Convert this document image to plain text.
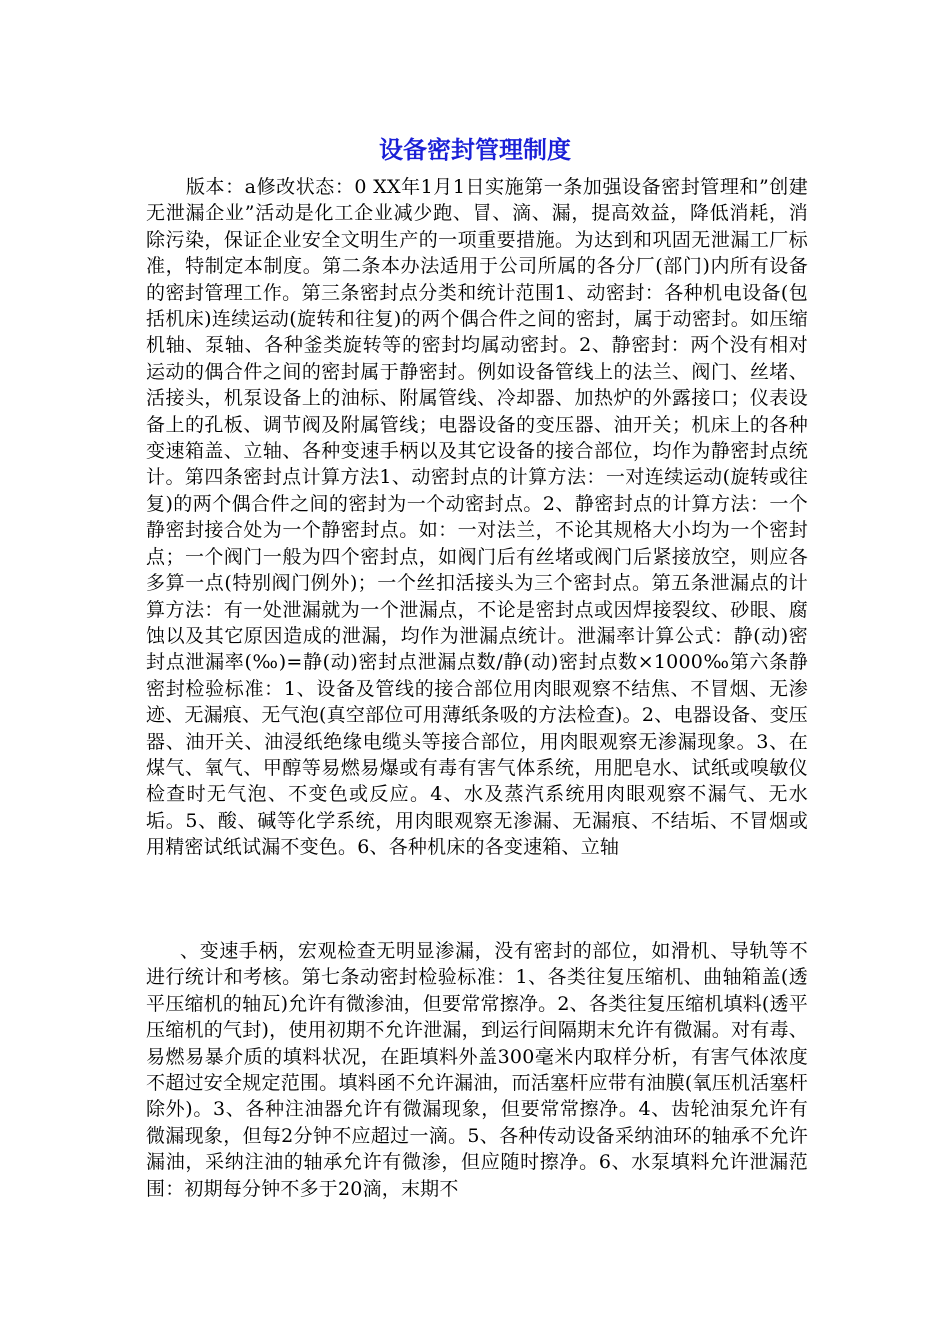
设备密封管理制度

版本：a修改状态：0 XX年1月1日实施第一条加强设备密封管理和”创建无泄漏企业”活动是化工企业减少跑、冒、滴、漏，提高效益，降低消耗，消除污染，保证企业安全文明生产的一项重要措施。为达到和巩固无泄漏工厂标准，特制定本制度。第二条本办法适用于公司所属的各分厂(部门)内所有设备的密封管理工作。第三条密封点分类和统计范围1、动密封：各种机电设备(包括机床)连续运动(旋转和往复)的两个偶合件之间的密封，属于动密封。如压缩机轴、泵轴、各种釜类旋转等的密封均属动密封。2、静密封：两个没有相对运动的偶合件之间的密封属于静密封。例如设备管线上的法兰、阀门、丝堵、活接头，机泵设备上的油标、附属管线、冷却器、加热炉的外露接口；仪表设备上的孔板、调节阀及附属管线；电器设备的变压器、油开关；机床上的各种变速箱盖、立轴、各种变速手柄以及其它设备的接合部位，均作为静密封点统计。第四条密封点计算方法1、动密封点的计算方法：一对连续运动(旋转或往复)的两个偶合件之间的密封为一个动密封点。2、静密封点的计算方法：一个静密封接合处为一个静密封点。如：一对法兰，不论其规格大小均为一个密封点；一个阀门一般为四个密封点，如阀门后有丝堵或阀门后紧接放空，则应各多算一点(特别阀门例外)；一个丝扣活接头为三个密封点。第五条泄漏点的计算方法：有一处泄漏就为一个泄漏点，不论是密封点或因焊接裂纹、砂眼、腐蚀以及其它原因造成的泄漏，均作为泄漏点统计。泄漏率计算公式：静(动)密封点泄漏率(‰)=静(动)密封点泄漏点数/静(动)密封点数×1000‰第六条静密封检验标准：1、设备及管线的接合部位用肉眼观察不结焦、不冒烟、无渗迹、无漏痕、无气泡(真空部位可用薄纸条吸的方法检查)。2、电器设备、变压器、油开关、油浸纸绝缘电缆头等接合部位，用肉眼观察无渗漏现象。3、在煤气、氧气、甲醇等易燃易爆或有毒有害气体系统，用肥皂水、试纸或嗅敏仪检查时无气泡、不变色或反应。4、水及蒸汽系统用肉眼观察不漏气、无水垢。5、酸、碱等化学系统，用肉眼观察无渗漏、无漏痕、不结垢、不冒烟或用精密试纸试漏不变色。6、各种机床的各变速箱、立轴

、变速手柄，宏观检查无明显渗漏，没有密封的部位，如滑机、导轨等不进行统计和考核。第七条动密封检验标准：1、各类往复压缩机、曲轴箱盖(透平压缩机的轴瓦)允许有微渗油，但要常常擦净。2、各类往复压缩机填料(透平压缩机的气封)，使用初期不允许泄漏，到运行间隔期末允许有微漏。对有毒、易燃易暴介质的填料状况，在距填料外盖300毫米内取样分析，有害气体浓度不超过安全规定范围。填料函不允许漏油，而活塞杆应带有油膜(氧压机活塞杆除外)。3、各种注油器允许有微漏现象，但要常常擦净。4、齿轮油泵允许有微漏现象，但每2分钟不应超过一滴。5、各种传动设备采纳油环的轴承不允许漏油，采纳注油的轴承允许有微渗，但应随时擦净。6、水泵填料允许泄漏范围：初期每分钟不多于20滴，末期不
